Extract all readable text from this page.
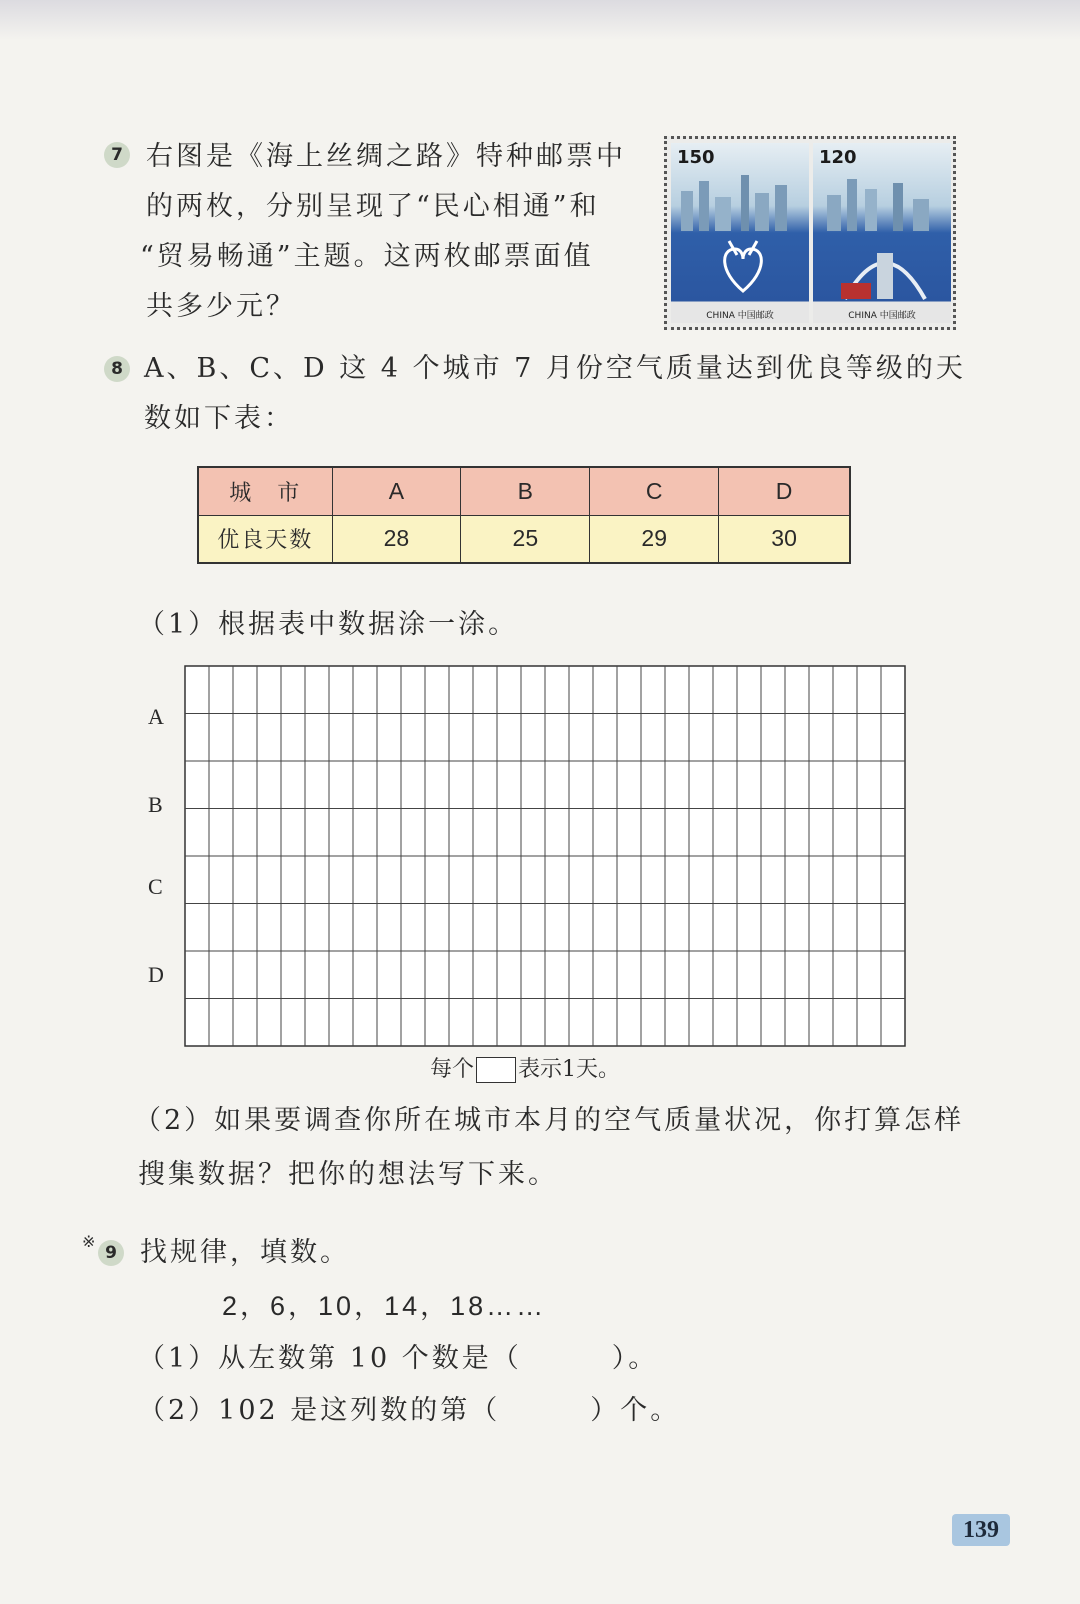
7 右图是《海上丝绸之路》特种邮票中
的两枚，分别呈现了“民心相通”和
“贸易畅通”主题。这两枚邮票面值
共多少元？
150
CHINA 中国邮政
120
CHINA 中国邮政
8 A、B、C、D 这 4 个城市 7 月份空气质量达到优良等级的天
数如下表：
城　市	A	B	C	D
优良天数	28	25	29	30
（1）根据表中数据涂一涂。
A
B
C
D
每个 表示1天。
（2）如果要调查你所在城市本月的空气质量状况，你打算怎样
搜集数据？把你的想法写下来。
※
9 找规律，填数。
2，6，10，14，18……
（1）从左数第 10 个数是（　　　）。
（2）102 是这列数的第（　　　）个。
139
